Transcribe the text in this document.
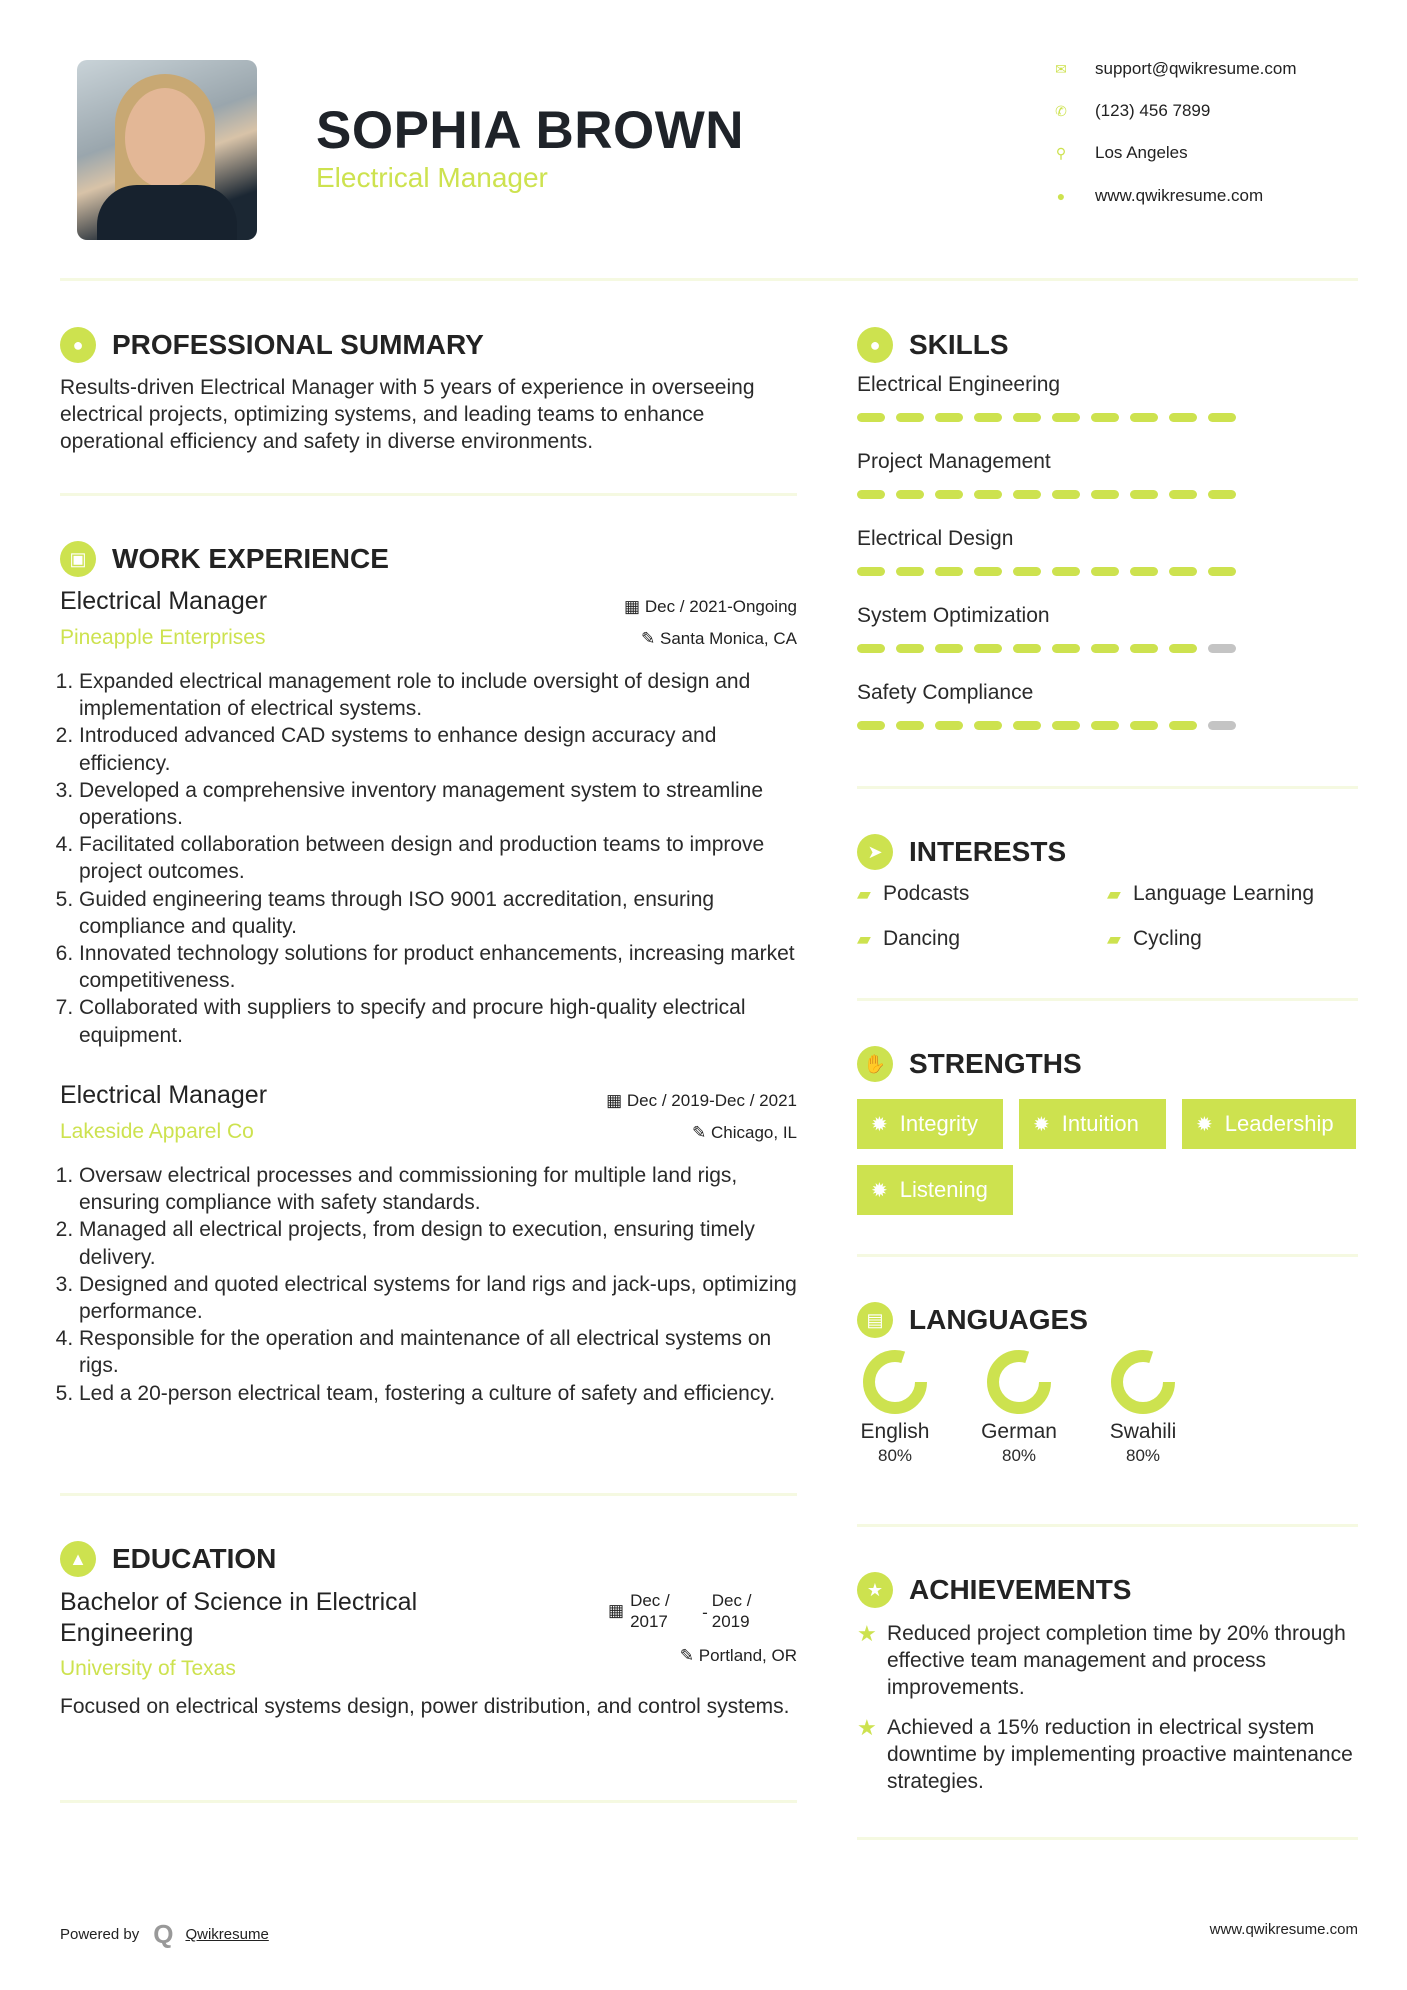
SOPHIA BROWN
Electrical Manager
✉ support@qwikresume.com
✆ (123) 456 7899
⚲ Los Angeles
● www.qwikresume.com
●	PROFESSIONAL SUMMARY
Results-driven Electrical Manager with 5 years of experience in overseeing electrical projects, optimizing systems, and leading teams to enhance operational efficiency and safety in diverse environments.
▣ WORK EXPERIENCE
Electrical Manager
Pineapple Enterprises
▦ Dec / 2021-Ongoing
✎ Santa Monica, CA
1. Expanded electrical management role to include oversight of design and implementation of electrical systems.
2. Introduced advanced CAD systems to enhance design accuracy and efficiency.
3. Developed a comprehensive inventory management system to streamline operations.
4. Facilitated collaboration between design and production teams to improve project outcomes.
5. Guided engineering teams through ISO 9001 accreditation, ensuring compliance and quality.
6. Innovated technology solutions for product enhancements, increasing market competitiveness.
7. Collaborated with suppliers to specify and procure high-quality electrical equipment.
Electrical Manager
Lakeside Apparel Co
▦ Dec / 2019-Dec / 2021
✎ Chicago, IL
1. Oversaw electrical processes and commissioning for multiple land rigs, ensuring compliance with safety standards.
2. Managed all electrical projects, from design to execution, ensuring timely delivery.
3. Designed and quoted electrical systems for land rigs and jack-ups, optimizing performance.
4. Responsible for the operation and maintenance of all electrical systems on rigs.
5. Led a 20-person electrical team, fostering a culture of safety and efficiency.
▲ EDUCATION
Bachelor of Science in Electrical Engineering
▦
Dec / 2017	-
Dec / 2019
University of Texas
✎ Portland, OR
Focused on electrical systems design, power distribution, and control systems.
●	SKILLS
Electrical Engineering
Project Management
Electrical Design
System Optimization
Safety Compliance
➤ INTERESTS
▰ Podcasts	▰ Language Learning
▰ Dancing	▰ Cycling
✋ STRENGTHS
✹ Integrity	✹ Intuition	✹ Leadership
✹ Listening
▤ LANGUAGES
English
80%
German
80%
Swahili
80%
★ ACHIEVEMENTS
★ Reduced project completion time by 20% through effective team management and process improvements.
★ Achieved a 15% reduction in electrical system downtime by implementing proactive maintenance strategies.
Powered by Q Qwikresume	www.qwikresume.com
